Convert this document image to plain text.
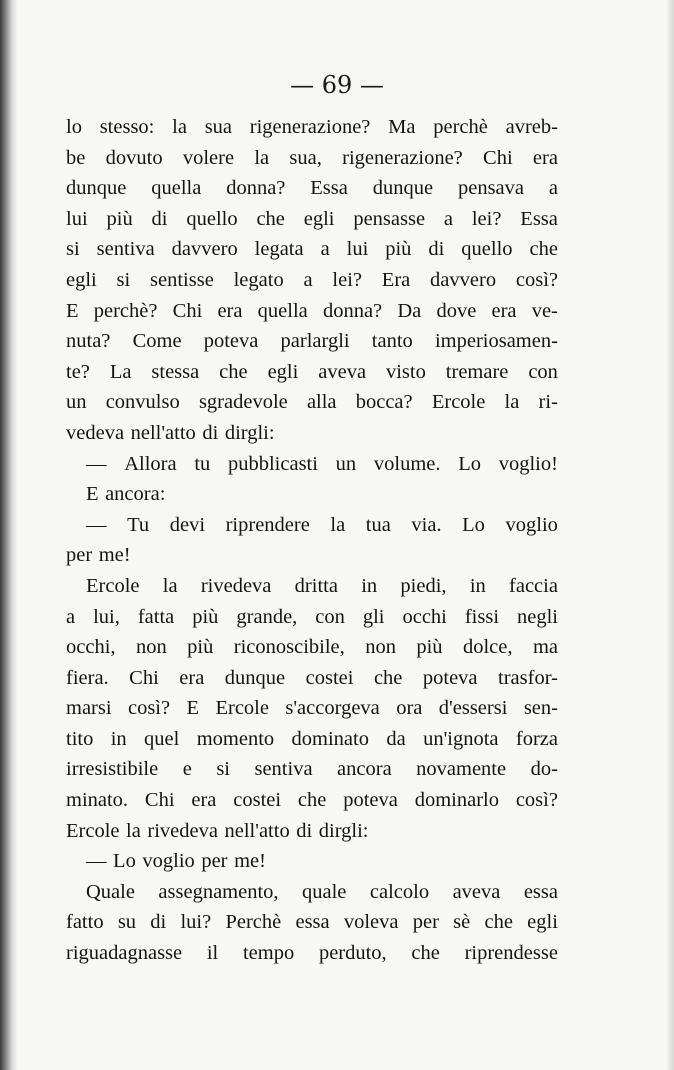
— 69 —
lo stesso: la sua rigenerazione? Ma perchè avreb-
be dovuto volere la sua, rigenerazione? Chi era
dunque quella donna? Essa dunque pensava a
lui più di quello che egli pensasse a lei? Essa
si sentiva davvero legata a lui più di quello che
egli si sentisse legato a lei? Era davvero così?
E perchè? Chi era quella donna? Da dove era ve-
nuta? Come poteva parlargli tanto imperiosamen-
te? La stessa che egli aveva visto tremare con
un convulso sgradevole alla bocca? Ercole la ri-
vedeva nell'atto di dirgli:
— Allora tu pubblicasti un volume. Lo voglio!
E ancora:
— Tu devi riprendere la tua via. Lo voglio
per me!
Ercole la rivedeva dritta in piedi, in faccia
a lui, fatta più grande, con gli occhi fissi negli
occhi, non più riconoscibile, non più dolce, ma
fiera. Chi era dunque costei che poteva trasfor-
marsi così? E Ercole s'accorgeva ora d'essersi sen-
tito in quel momento dominato da un'ignota forza
irresistibile e si sentiva ancora novamente do-
minato. Chi era costei che poteva dominarlo così?
Ercole la rivedeva nell'atto di dirgli:
— Lo voglio per me!
Quale assegnamento, quale calcolo aveva essa
fatto su di lui? Perchè essa voleva per sè che egli
riguadagnasse il tempo perduto, che riprendesse
